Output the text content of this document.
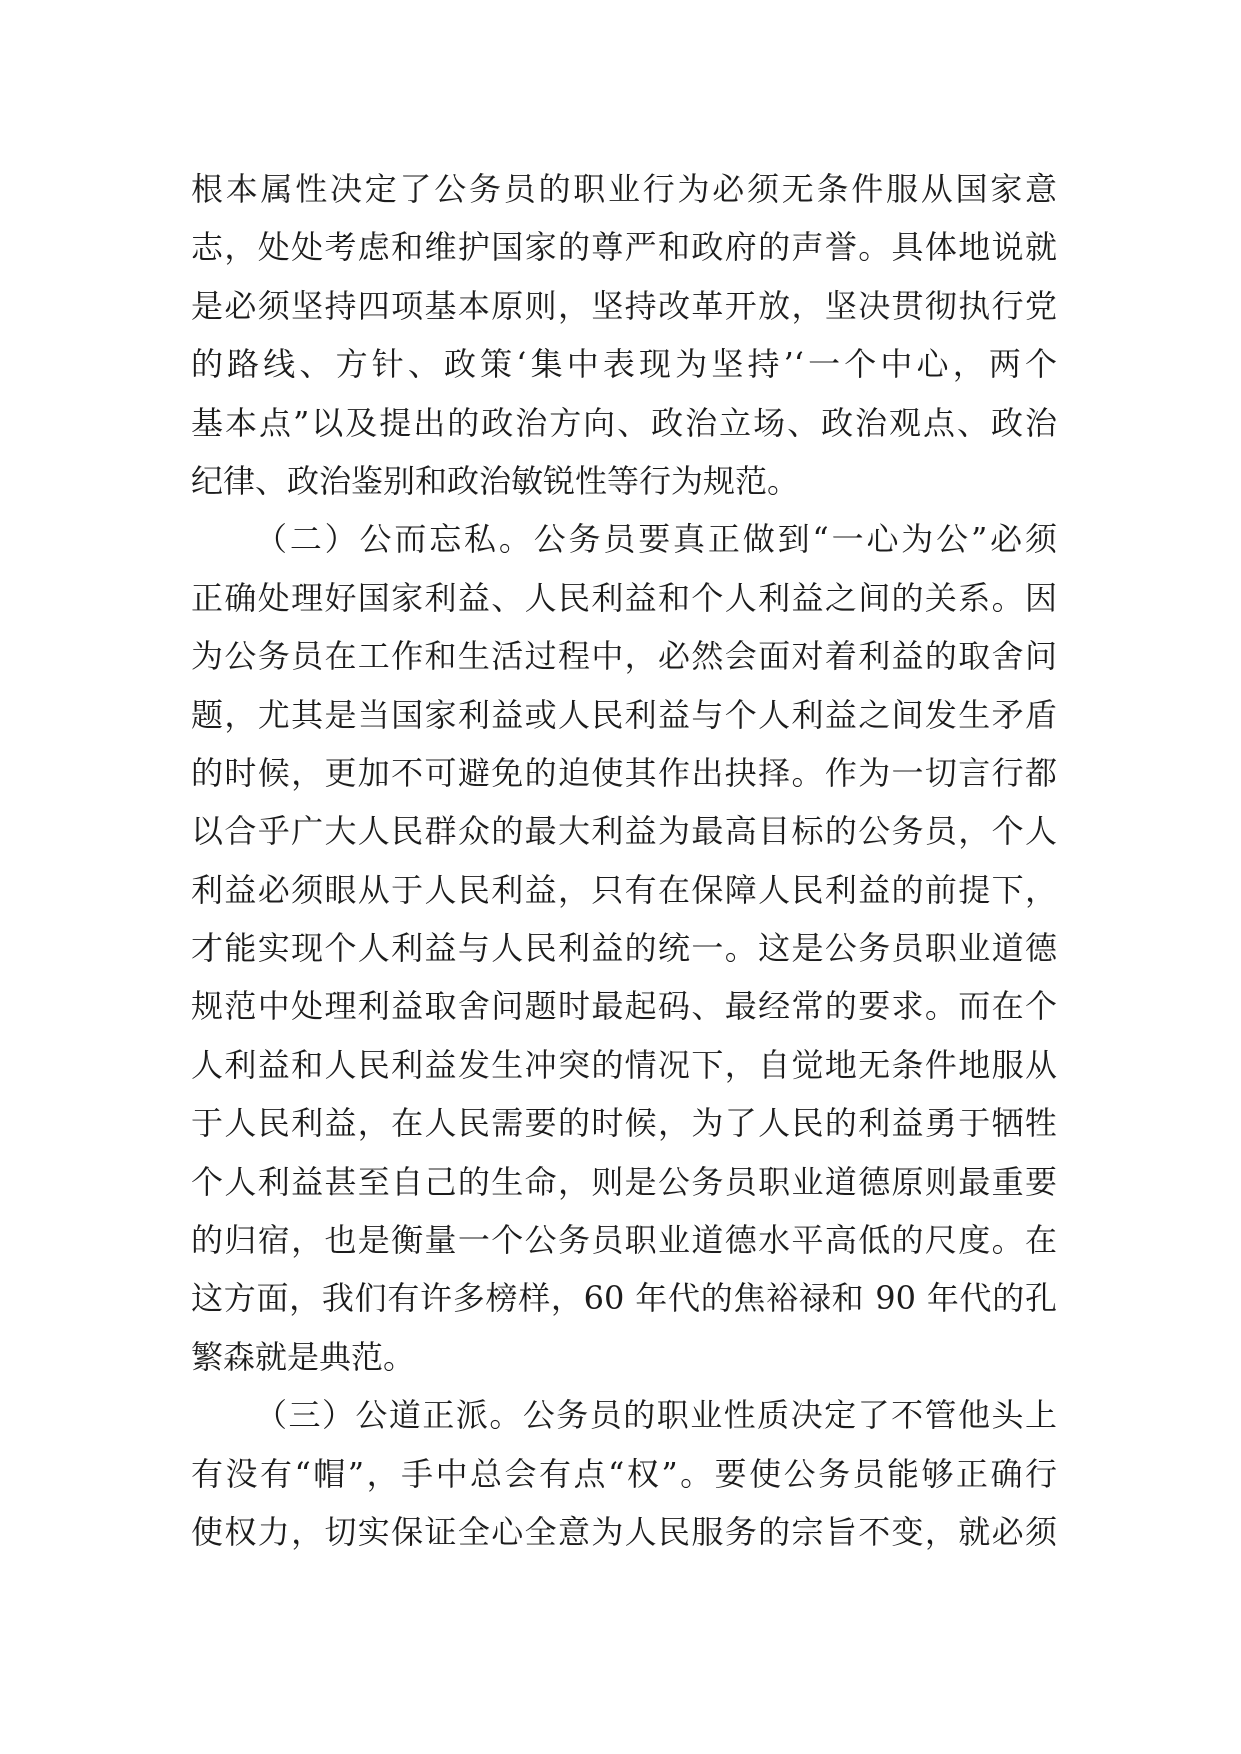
根本属性决定了公务员的职业行为必须无条件服从国家意
志，处处考虑和维护国家的尊严和政府的声誉。具体地说就
是必须坚持四项基本原则，坚持改革开放，坚决贯彻执行党
的路线、方针、政策‘集中表现为坚持’‘一个中心，两个
基本点”以及提出的政治方向、政治立场、政治观点、政治
纪律、政治鉴别和政治敏锐性等行为规范。
（二）公而忘私。公务员要真正做到“一心为公”必须
正确处理好国家利益、人民利益和个人利益之间的关系。因
为公务员在工作和生活过程中，必然会面对着利益的取舍问
题，尤其是当国家利益或人民利益与个人利益之间发生矛盾
的时候，更加不可避免的迫使其作出抉择。作为一切言行都
以合乎广大人民群众的最大利益为最高目标的公务员，个人
利益必须眼从于人民利益，只有在保障人民利益的前提下，
才能实现个人利益与人民利益的统一。这是公务员职业道德
规范中处理利益取舍问题时最起码、最经常的要求。而在个
人利益和人民利益发生冲突的情况下，自觉地无条件地服从
于人民利益，在人民需要的时候，为了人民的利益勇于牺牲
个人利益甚至自己的生命，则是公务员职业道德原则最重要
的归宿，也是衡量一个公务员职业道德水平高低的尺度。在
这方面，我们有许多榜样，60 年代的焦裕禄和 90 年代的孔
繁森就是典范。
（三）公道正派。公务员的职业性质决定了不管他头上
有没有“帽”，手中总会有点“权”。要使公务员能够正确行
使权力，切实保证全心全意为人民服务的宗旨不变，就必须
